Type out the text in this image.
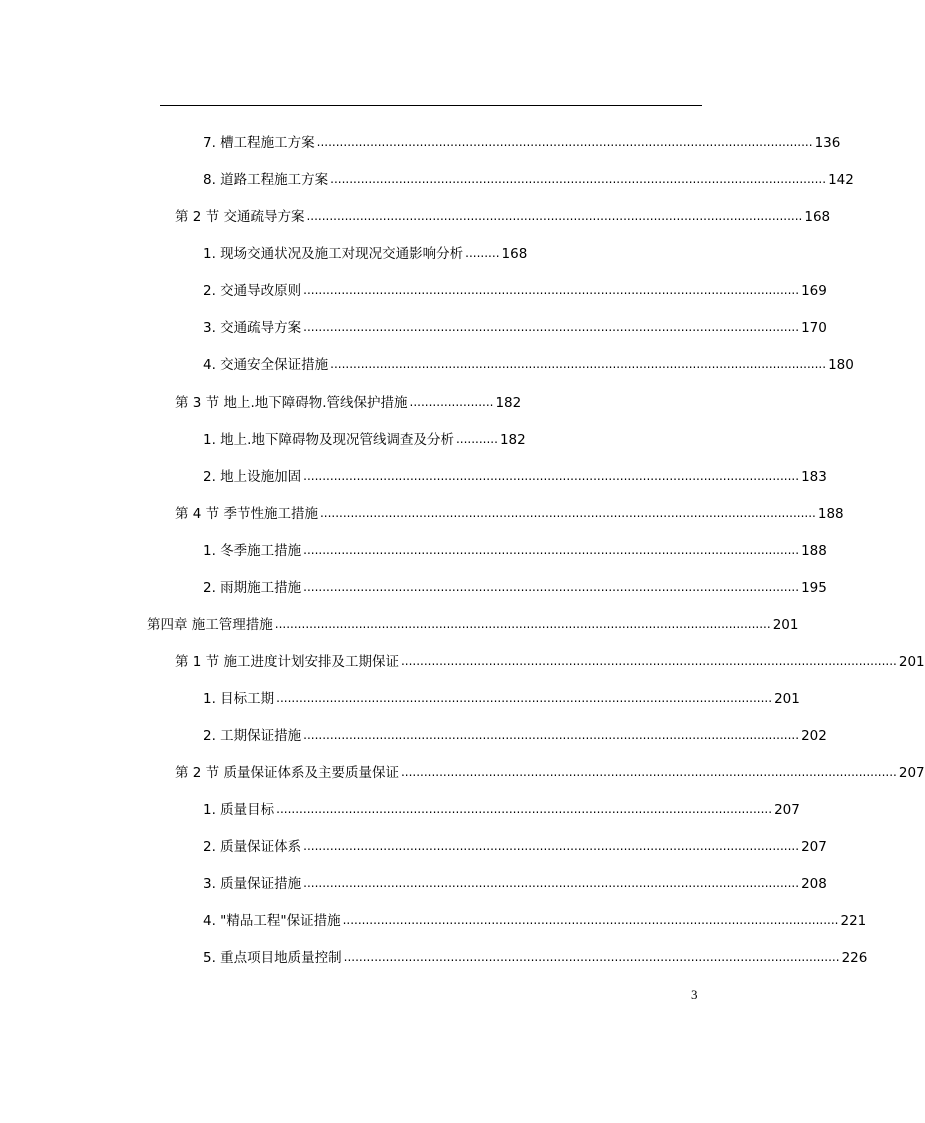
7. 槽工程施工方案 .................................................................................................................................. 136
8. 道路工程施工方案 .................................................................................................................................. 142
第 2 节 交通疏导方案 .................................................................................................................................. 168
1. 现场交通状况及施工对现况交通影响分析 ......... 168
2. 交通导改原则 .................................................................................................................................. 169
3. 交通疏导方案 .................................................................................................................................. 170
4. 交通安全保证措施 .................................................................................................................................. 180
第 3 节 地上.地下障碍物.管线保护措施 ...................... 182
1. 地上.地下障碍物及现况管线调查及分析 ........... 182
2. 地上设施加固 .................................................................................................................................. 183
第 4 节 季节性施工措施 .................................................................................................................................. 188
1. 冬季施工措施 .................................................................................................................................. 188
2. 雨期施工措施 .................................................................................................................................. 195
第四章 施工管理措施 .................................................................................................................................. 201
第 1 节 施工进度计划安排及工期保证 .................................................................................................................................. 201
1. 目标工期 .................................................................................................................................. 201
2. 工期保证措施 .................................................................................................................................. 202
第 2 节 质量保证体系及主要质量保证 .................................................................................................................................. 207
1. 质量目标 .................................................................................................................................. 207
2. 质量保证体系 .................................................................................................................................. 207
3. 质量保证措施 .................................................................................................................................. 208
4. "精品工程"保证措施 .................................................................................................................................. 221
5. 重点项目地质量控制 .................................................................................................................................. 226
3
